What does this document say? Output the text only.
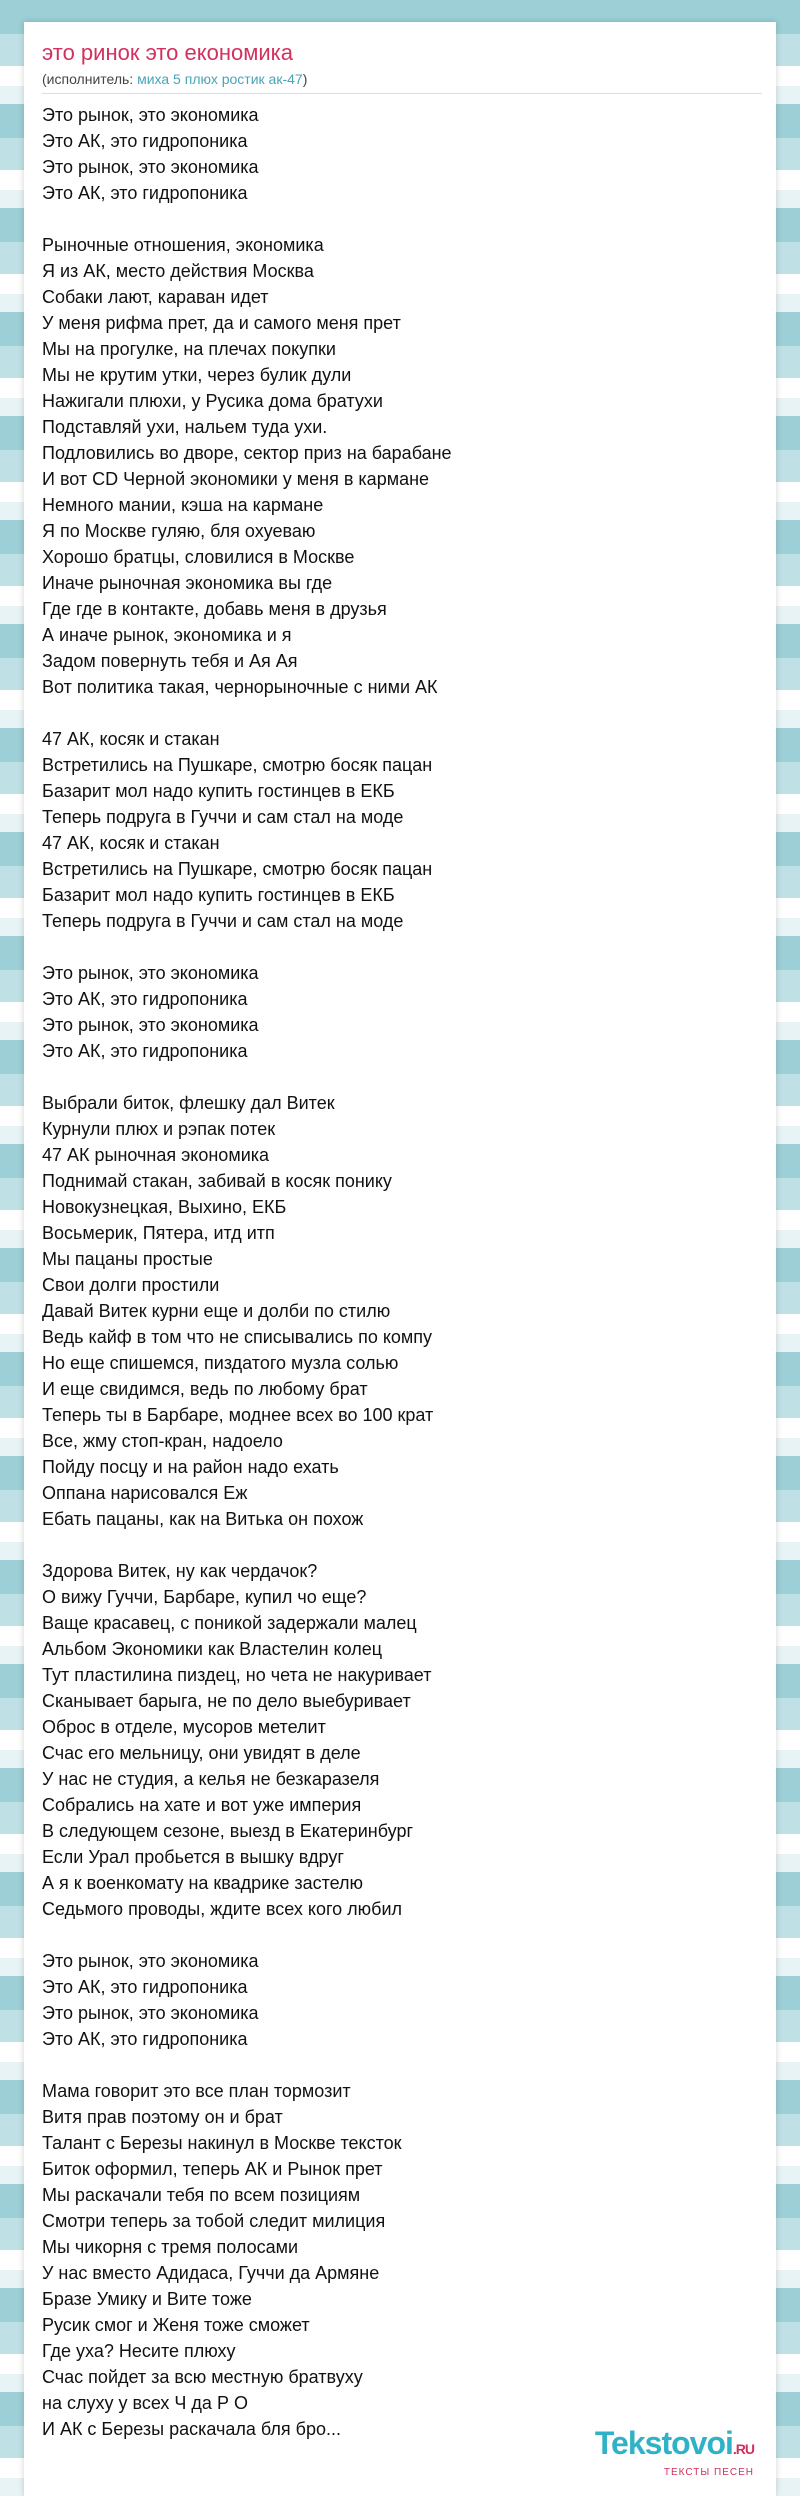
это ринок это економика
(исполнитель: миха 5 плюх ростик ак-47)
Это рынок, это экономика
Это АК, это гидропоника
Это рынок, это экономика
Это АК, это гидропоника
Рыночные отношения, экономика
Я из АК, место действия Москва
Собаки лают, караван идет
У меня рифма прет, да и самого меня прет
Мы на прогулке, на плечах покупки
Мы не крутим утки, через булик дули
Нажигали плюхи, у Русика дома братухи
Подставляй ухи, нальем туда ухи.
Подловились во дворе, сектор приз на барабане
И вот CD Черной экономики у меня в кармане
Немного мании, кэша на кармане
Я по Москве гуляю, бля охуеваю
Хорошо братцы, словилися в Москве
Иначе рыночная экономика вы где
Где где в контакте, добавь меня в друзья
А иначе рынок, экономика и я
Задом повернуть тебя и Ая Ая
Вот политика такая, чернорыночные с ними АК
47 АК, косяк и стакан
Встретились на Пушкаре, смотрю босяк пацан
Базарит мол надо купить гостинцев в ЕКБ
Теперь подруга в Гуччи и сам стал на моде
47 АК, косяк и стакан
Встретились на Пушкаре, смотрю босяк пацан
Базарит мол надо купить гостинцев в ЕКБ
Теперь подруга в Гуччи и сам стал на моде
Это рынок, это экономика
Это АК, это гидропоника
Это рынок, это экономика
Это АК, это гидропоника
Выбрали биток, флешку дал Витек
Курнули плюх и рэпак потек
47 АК рыночная экономика
Поднимай стакан, забивай в косяк понику
Новокузнецкая, Выхино, ЕКБ
Восьмерик, Пятера, итд итп
Мы пацаны простые
Свои долги простили
Давай Витек курни еще и долби по стилю
Ведь кайф в том что не списывались по компу
Но еще спишемся, пиздатого музла солью
И еще свидимся, ведь по любому брат
Теперь ты в Барбаре, моднее всех во 100 крат
Все, жму стоп-кран, надоело
Пойду посцу и на район надо ехать
Оппана нарисовался Еж
Ебать пацаны, как на Витька он похож
Здорова Витек, ну как чердачок?
О вижу Гуччи, Барбаре, купил чо еще?
Ваще красавец, с поникой задержали малец
Альбом Экономики как Властелин колец
Тут пластилина пиздец, но чета не накуривает
Сканывает барыга, не по дело выебуривает
Оброс в отделе, мусоров метелит
Счас его мельницу, они увидят в деле
У нас не студия, а келья не безкаразеля
Собрались на хате и вот уже империя
В следующем сезоне, выезд в Екатеринбург
Если Урал пробьется в вышку вдруг
А я к военкомату на квадрике застелю
Седьмого проводы, ждите всех кого любил
Это рынок, это экономика
Это АК, это гидропоника
Это рынок, это экономика
Это АК, это гидропоника
Мама говорит это все план тормозит
Витя прав поэтому он и брат
Талант с Березы накинул в Москве тексток
Биток оформил, теперь АК и Рынок прет
Мы раскачали тебя по всем позициям
Смотри теперь за тобой следит милиция
Мы чикорня с тремя полосами
У нас вместо Адидаса, Гуччи да Армяне
Бразе Умику и Вите тоже
Русик смог и Женя тоже сможет
Где уха? Несите плюху
Счас пойдет за всю местную братвуху
на слуху у всех Ч да Р О
И АК с Березы раскачала бля бро...	Tekstovoi.RU
ТЕКСТЫ ПЕСЕН
